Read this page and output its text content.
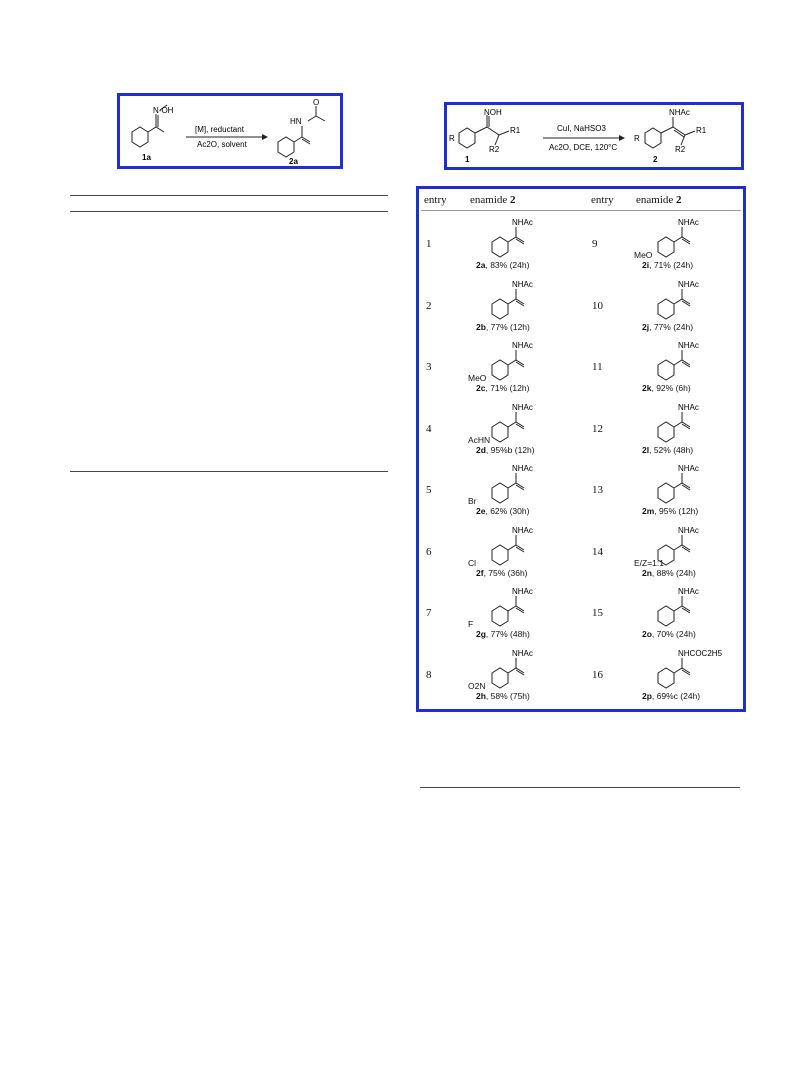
N-OH
1a
[M], reductant
Ac2O, solvent
O
HN
2a
R
NOH
R1
R2
1
CuI, NaHSO3
Ac2O, DCE, 120°C
R
NHAc
R1
R2
2
entry enamide 2	entry enamide 2
1
NHAc
2a, 83% (24h)
9
NHAc
MeO
2i, 71% (24h)
2
NHAc
2b, 77% (12h)
10
NHAc
2j, 77% (24h)
3
NHAc
MeO
2c, 71% (12h)
11
NHAc
2k, 92% (6h)
4
NHAc
AcHN
2d, 95%b (12h)
12
NHAc
2l, 52% (48h)
5
NHAc
Br
2e, 62% (30h)
13
NHAc
2m, 95% (12h)
6
NHAc
Cl
2f, 75% (36h)
14
NHAc
E/Z=1:1
2n, 88% (24h)
7
NHAc
F
2g, 77% (48h)
15
NHAc
2o, 70% (24h)
8
NHAc
O2N
2h, 58% (75h)
16
NHCOC2H5
2p, 69%c (24h)
